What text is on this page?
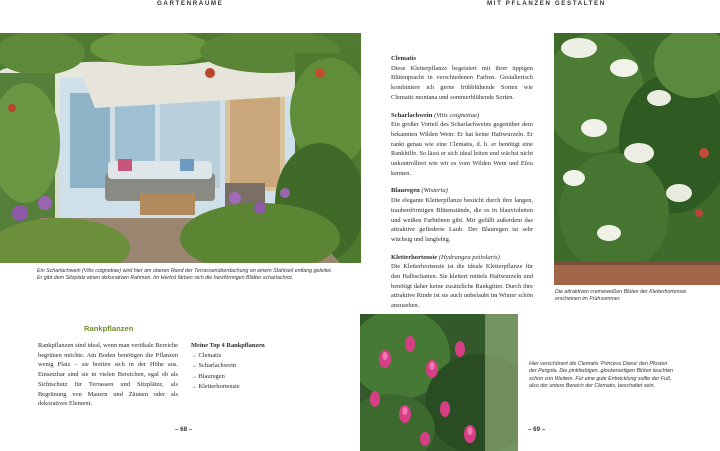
GARTENRÄUME	MIT PFLANZEN GESTALTEN
Ein Scharlachwein (Vitis coignetiae) wird hier am oberen Rand der Terrassenüberdachung an einem Stahlseil entlang geleitet. Er gibt dem Sitzplatz einen dekorativen Rahmen. Im Herbst färben sich die herzförmigen Blätter scharlachrot.

Clematis

Diese Kletterpflanze begeistert mit ihrer üppigen Blütenpracht in verschiedenen Farben. Gestalterisch kombiniere ich gerne frühblühende Sorten wie Clematis montana und sommerblühende Sorten.

Scharlachwein (Vitis coignetiae)

Ein großer Vorteil des Scharlachweins gegenüber dem bekannten Wilden Wein: Er hat keine Haftwurzeln. Er rankt genau wie eine Clematis, d. h. er benötigt eine Rankhilfe. So lässt er sich ideal leiten und wächst nicht unkontrolliert wie wir es vom Wilden Wein und Efeu kennen.

Blauregen (Wisteria)

Die elegante Kletterpflanze besticht durch ihre langen, traubenförmigen Blütenstände, die es in blauvioletten und weißen Farbtönen gibt. Mir gefällt außerdem das attraktive gefiederte Laub. Der Blauregen ist sehr wüchsig und langlebig.

Kletterhortensie (Hydrangea petiolaris)

Die Kletterhortensie ist die ideale Kletterpflanze für den Halbschatten. Sie klettert mittels Haftwurzeln und benötigt daher keine zusätzliche Rankgitter. Durch ihre attraktive Rinde ist sie auch unbelaubt im Winter schön anzusehen.

Die attraktiven cremeweißen Blüten der Kletterhortensie erscheinen im Frühsommer.
Rankpflanzen

Rankpflanzen sind ideal, wenn man vertikale Bereiche begrünen möchte. Am Boden benötigen die Pflanzen wenig Platz – sie breiten sich in der Höhe aus. Einsetzbar sind sie in vielen Bereichen, egal ob als Sichtschutz für Terrassen und Sitzplätze, als Begrünung von Mauern und Zäunen oder als dekoratives Element.

Meine Top 4 Rankpflanzen
→ Clematis
→ Scharlachwein
→ Blauregen
→ Kletterhortensie
– 68 –	– 69 –
Hier verschönert die Clematis 'Princess Diana' den Pfosten der Pergola. Die pinkfarbigen, glockenartigen Blüten leuchten schon von Weitem. Für eine gute Entwicklung sollte der Fuß, also der untere Bereich der Clematis, beschattet sein.
